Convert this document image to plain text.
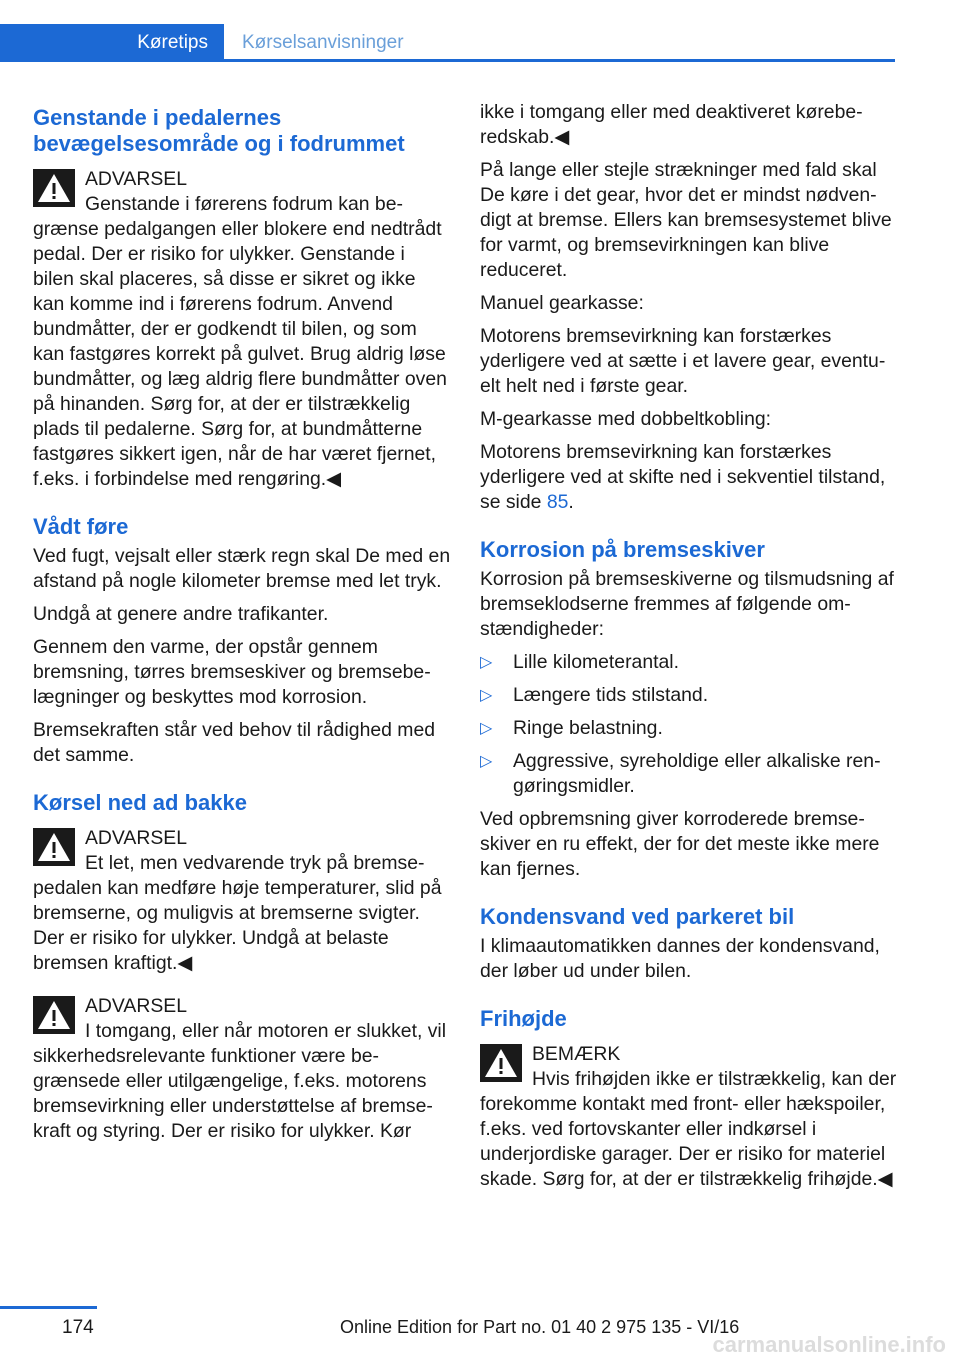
Køretips	Kørselsanvisninger
Genstande i pedalernes bevægelsesområde og i fodrummet
ADVARSEL
Genstande i førerens fodrum kan begrænse pedalgangen eller blokere end nedtrådt pedal. Der er risiko for ulykker. Genstande i bilen skal placeres, så disse er sikret og ikke kan komme ind i førerens fodrum. Anvend bundmåtter, der er godkendt til bilen, og som kan fastgøres korrekt på gulvet. Brug aldrig løse bundmåtter, og læg aldrig flere bundmåtter oven på hinanden. Sørg for, at der er tilstrækkelig plads til pedalerne. Sørg for, at bundmåtterne fastgøres sikkert igen, når de har været fjernet, f.eks. i forbindelse med rengøring.◀
Vådt føre

Ved fugt, vejsalt eller stærk regn skal De med en afstand på nogle kilometer bremse med let tryk.

Undgå at genere andre trafikanter.

Gennem den varme, der opstår gennem bremsning, tørres bremseskiver og bremsebelægninger og beskyttes mod korrosion.

Bremsekraften står ved behov til rådighed med det samme.

Kørsel ned ad bakke
ADVARSEL
Et let, men vedvarende tryk på bremsepedalen kan medføre høje temperaturer, slid på bremserne, og muligvis at bremserne svigter. Der er risiko for ulykker. Undgå at belaste bremsen kraftigt.◀
ADVARSEL
I tomgang, eller når motoren er slukket, vil sikkerhedsrelevante funktioner være begrænsede eller utilgængelige, f.eks. motorens bremsevirkning eller understøttelse af bremsekraft og styring. Der er risiko for ulykker. Kør

ikke i tomgang eller med deaktiveret køreberedskab.◀

På lange eller stejle strækninger med fald skal De køre i det gear, hvor det er mindst nødvendigt at bremse. Ellers kan bremsesystemet blive for varmt, og bremsevirkningen kan blive reduceret.

Manuel gearkasse:

Motorens bremsevirkning kan forstærkes yderligere ved at sætte i et lavere gear, eventuelt helt ned i første gear.

M-gearkasse med dobbeltkobling:

Motorens bremsevirkning kan forstærkes yderligere ved at skifte ned i sekventiel tilstand, se side 85.

Korrosion på bremseskiver

Korrosion på bremseskiverne og tilsmudsning af bremseklodserne fremmes af følgende omstændigheder:

▷ Lille kilometerantal.
▷ Længere tids stilstand.
▷ Ringe belastning.
▷ Aggressive, syreholdige eller alkaliske rengøringsmidler.

Ved opbremsning giver korroderede bremseskiver en ru effekt, der for det meste ikke mere kan fjernes.

Kondensvand ved parkeret bil

I klimaautomatikken dannes der kondensvand, der løber ud under bilen.

Frihøjde
BEMÆRK
Hvis frihøjden ikke er tilstrækkelig, kan der forekomme kontakt med front- eller hækspoiler, f.eks. ved fortovskanter eller indkørsel i underjordiske garager. Der er risiko for materiel skade. Sørg for, at der er tilstrækkelig frihøjde.◀
174	Online Edition for Part no. 01 40 2 975 135 - VI/16
carmanualsonline.info
